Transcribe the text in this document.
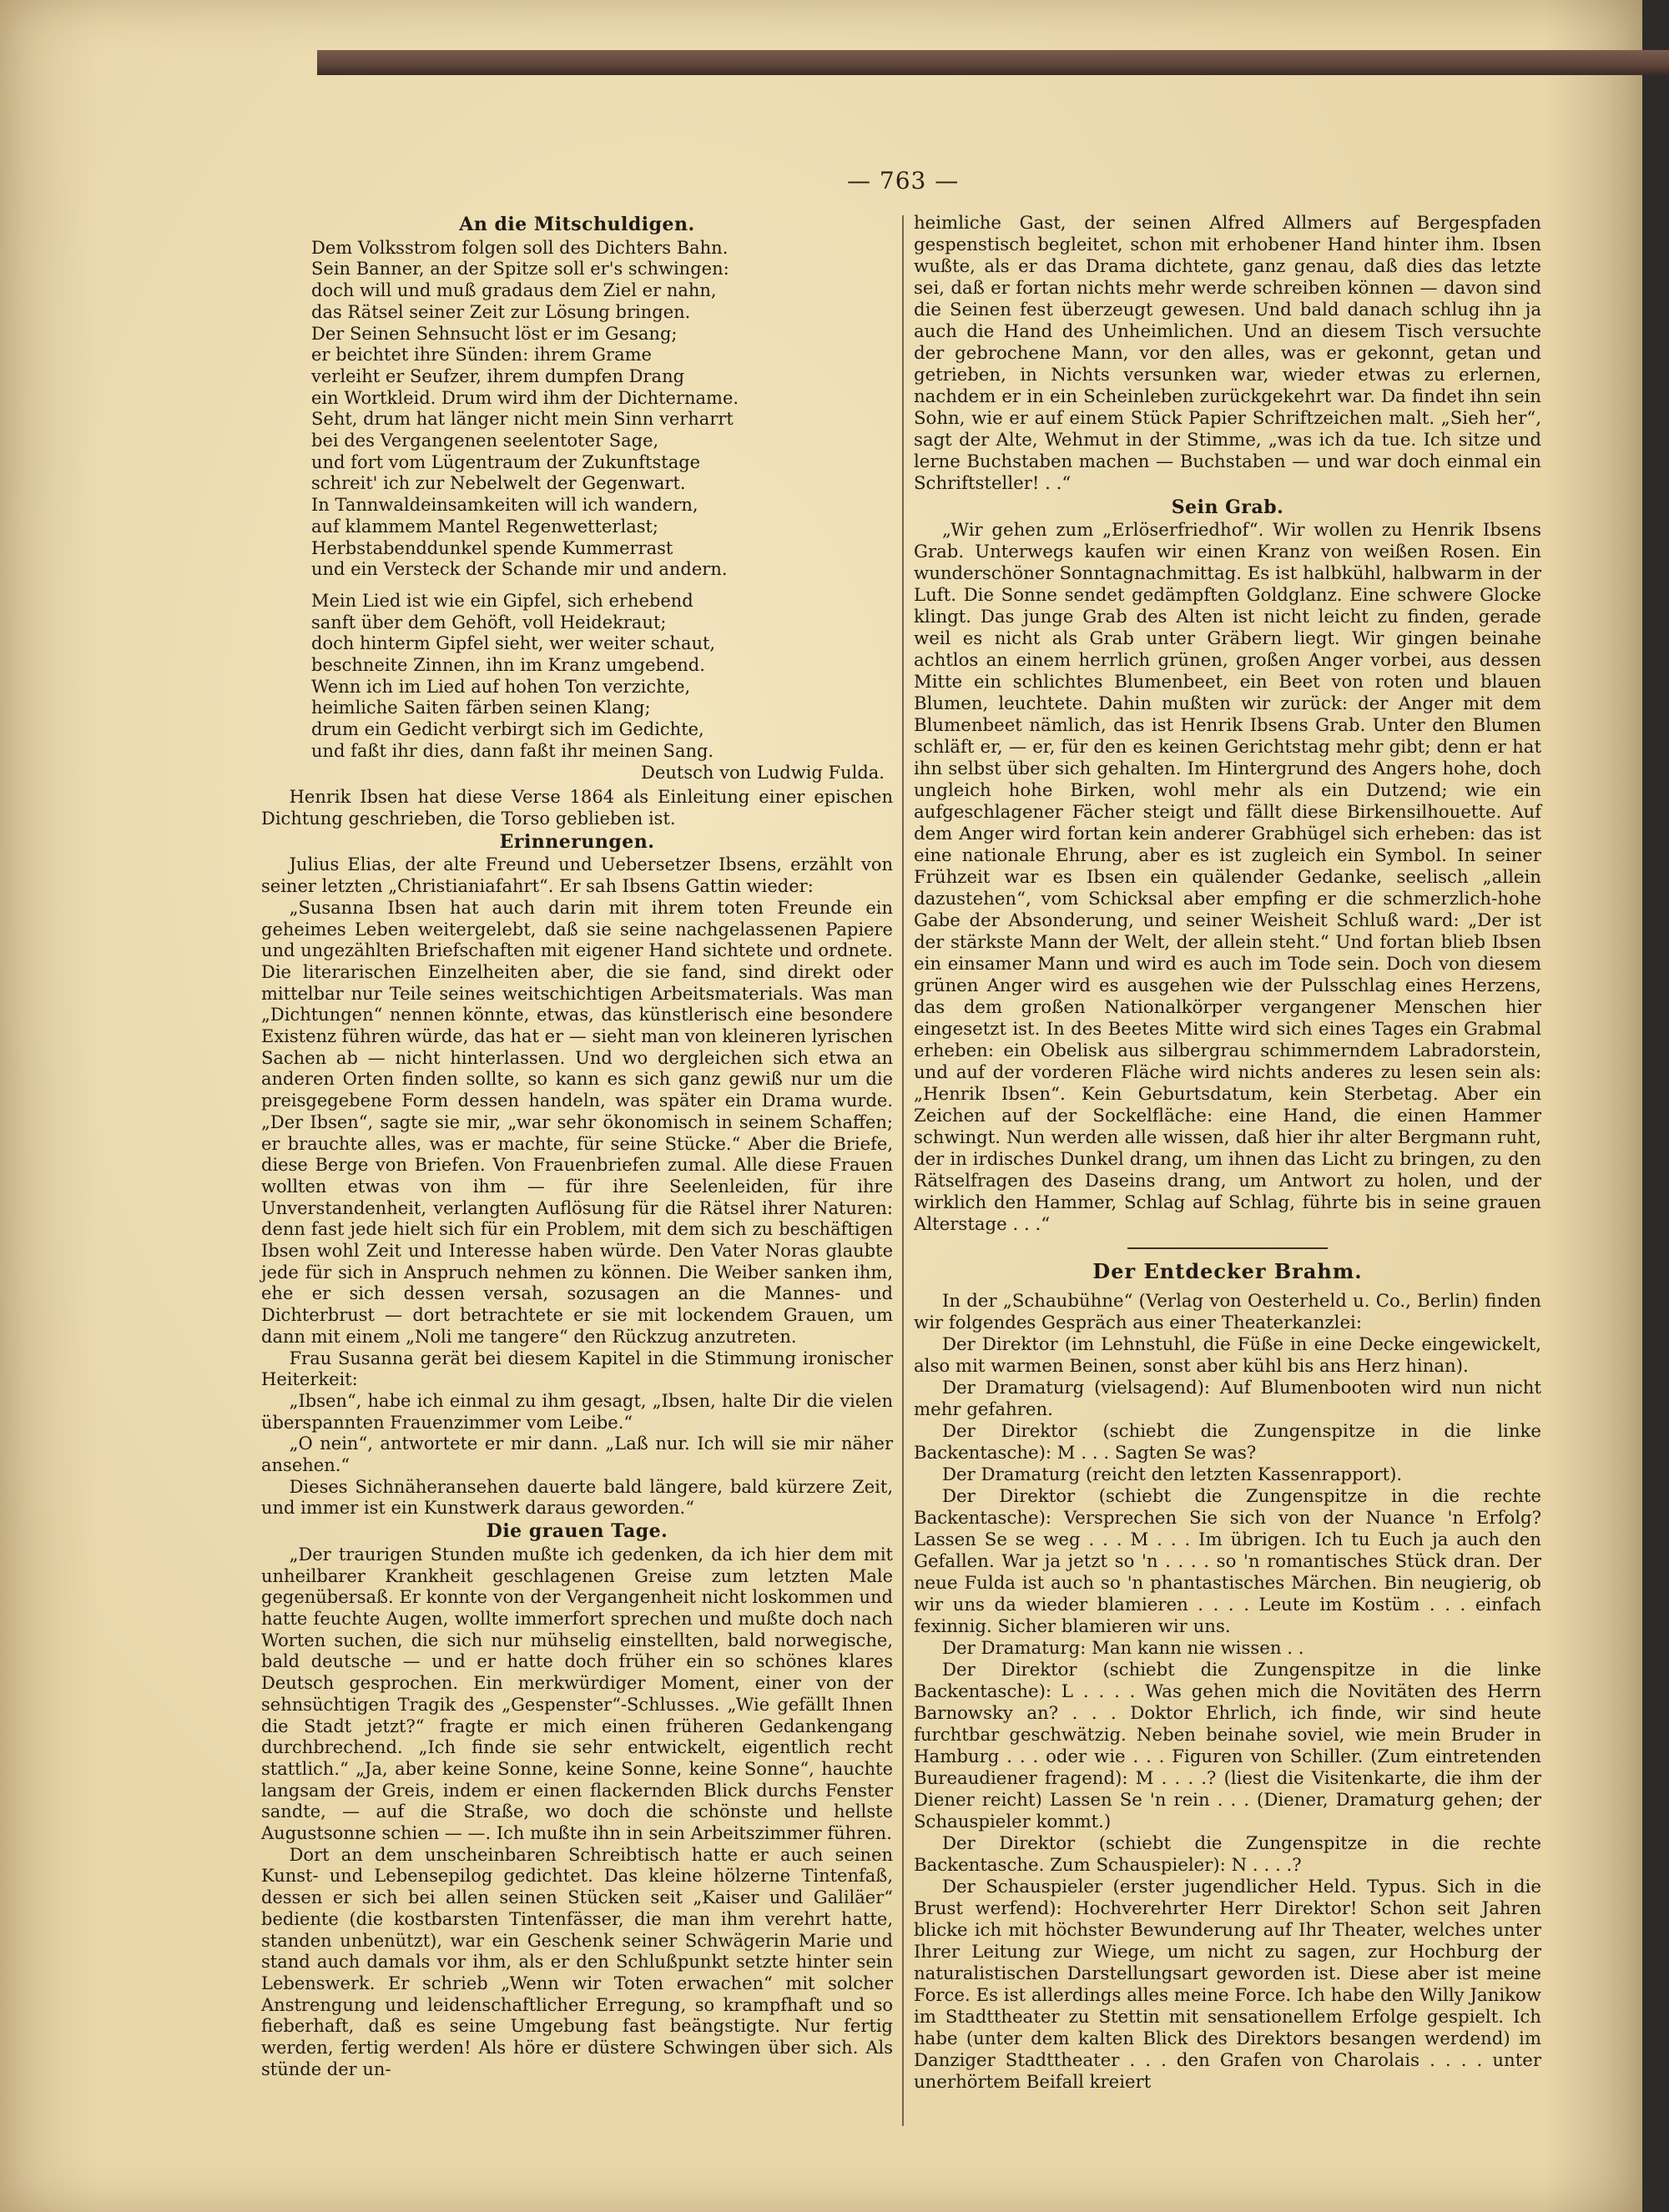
— 763 —
An die Mitschuldigen.
Dem Volksstrom folgen soll des Dichters Bahn.
Sein Banner, an der Spitze soll er's schwingen:
doch will und muß gradaus dem Ziel er nahn,
das Rätsel seiner Zeit zur Lösung bringen.
Der Seinen Sehnsucht löst er im Gesang;
er beichtet ihre Sünden: ihrem Grame
verleiht er Seufzer, ihrem dumpfen Drang
ein Wortkleid. Drum wird ihm der Dichtername.
Seht, drum hat länger nicht mein Sinn verharrt
bei des Vergangenen seelentoter Sage,
und fort vom Lügentraum der Zukunftstage
schreit' ich zur Nebelwelt der Gegenwart.
In Tannwaldeinsamkeiten will ich wandern,
auf klammem Mantel Regenwetterlast;
Herbstabenddunkel spende Kummerrast
und ein Versteck der Schande mir und andern.
Mein Lied ist wie ein Gipfel, sich erhebend
sanft über dem Gehöft, voll Heidekraut;
doch hinterm Gipfel sieht, wer weiter schaut,
beschneite Zinnen, ihn im Kranz umgebend.
Wenn ich im Lied auf hohen Ton verzichte,
heimliche Saiten färben seinen Klang;
drum ein Gedicht verbirgt sich im Gedichte,
und faßt ihr dies, dann faßt ihr meinen Sang.
Deutsch von Ludwig Fulda.

Henrik Ibsen hat diese Verse 1864 als Einleitung einer epischen Dichtung geschrieben, die Torso geblieben ist.

Erinnerungen.

Julius Elias, der alte Freund und Uebersetzer Ibsens, erzählt von seiner letzten „Christianiafahrt“. Er sah Ibsens Gattin wieder:

„Susanna Ibsen hat auch darin mit ihrem toten Freunde ein geheimes Leben weitergelebt, daß sie seine nachgelassenen Papiere und ungezählten Briefschaften mit eigener Hand sichtete und ordnete. Die literarischen Einzelheiten aber, die sie fand, sind direkt oder mittelbar nur Teile seines weitschichtigen Arbeitsmaterials. Was man „Dichtungen“ nennen könnte, etwas, das künstlerisch eine besondere Existenz führen würde, das hat er — sieht man von kleineren lyrischen Sachen ab — nicht hinterlassen. Und wo dergleichen sich etwa an anderen Orten finden sollte, so kann es sich ganz gewiß nur um die preisgegebene Form dessen handeln, was später ein Drama wurde. „Der Ibsen“, sagte sie mir, „war sehr ökonomisch in seinem Schaffen; er brauchte alles, was er machte, für seine Stücke.“ Aber die Briefe, diese Berge von Briefen. Von Frauenbriefen zumal. Alle diese Frauen wollten etwas von ihm — für ihre Seelenleiden, für ihre Unverstandenheit, verlangten Auflösung für die Rätsel ihrer Naturen: denn fast jede hielt sich für ein Problem, mit dem sich zu beschäftigen Ibsen wohl Zeit und Interesse haben würde. Den Vater Noras glaubte jede für sich in Anspruch nehmen zu können. Die Weiber sanken ihm, ehe er sich dessen versah, sozusagen an die Mannes- und Dichterbrust — dort betrachtete er sie mit lockendem Grauen, um dann mit einem „Noli me tangere“ den Rückzug anzutreten.

Frau Susanna gerät bei diesem Kapitel in die Stimmung ironischer Heiterkeit:

„Ibsen“, habe ich einmal zu ihm gesagt, „Ibsen, halte Dir die vielen überspannten Frauenzimmer vom Leibe.“

„O nein“, antwortete er mir dann. „Laß nur. Ich will sie mir näher ansehen.“

Dieses Sichnäheransehen dauerte bald längere, bald kürzere Zeit, und immer ist ein Kunstwerk daraus geworden.“

Die grauen Tage.

„Der traurigen Stunden mußte ich gedenken, da ich hier dem mit unheilbarer Krankheit geschlagenen Greise zum letzten Male gegenübersaß. Er konnte von der Vergangenheit nicht loskommen und hatte feuchte Augen, wollte immerfort sprechen und mußte doch nach Worten suchen, die sich nur mühselig einstellten, bald norwegische, bald deutsche — und er hatte doch früher ein so schönes klares Deutsch gesprochen. Ein merkwürdiger Moment, einer von der sehnsüchtigen Tragik des „Gespenster“-Schlusses. „Wie gefällt Ihnen die Stadt jetzt?“ fragte er mich einen früheren Gedankengang durchbrechend. „Ich finde sie sehr entwickelt, eigentlich recht stattlich.“ „Ja, aber keine Sonne, keine Sonne, keine Sonne“, hauchte langsam der Greis, indem er einen flackernden Blick durchs Fenster sandte, — auf die Straße, wo doch die schönste und hellste Augustsonne schien — —. Ich mußte ihn in sein Arbeitszimmer führen.

Dort an dem unscheinbaren Schreibtisch hatte er auch seinen Kunst- und Lebensepilog gedichtet. Das kleine hölzerne Tintenfaß, dessen er sich bei allen seinen Stücken seit „Kaiser und Galiläer“ bediente (die kostbarsten Tintenfässer, die man ihm verehrt hatte, standen unbenützt), war ein Geschenk seiner Schwägerin Marie und stand auch damals vor ihm, als er den Schlußpunkt setzte hinter sein Lebenswerk. Er schrieb „Wenn wir Toten erwachen“ mit solcher Anstrengung und leidenschaftlicher Erregung, so krampfhaft und so fieberhaft, daß es seine Umgebung fast beängstigte. Nur fertig werden, fertig werden! Als höre er düstere Schwingen über sich. Als stünde der un-

heimliche Gast, der seinen Alfred Allmers auf Bergespfaden gespenstisch begleitet, schon mit erhobener Hand hinter ihm. Ibsen wußte, als er das Drama dichtete, ganz genau, daß dies das letzte sei, daß er fortan nichts mehr werde schreiben können — davon sind die Seinen fest überzeugt gewesen. Und bald danach schlug ihn ja auch die Hand des Unheimlichen. Und an diesem Tisch versuchte der gebrochene Mann, vor den alles, was er gekonnt, getan und getrieben, in Nichts versunken war, wieder etwas zu erlernen, nachdem er in ein Scheinleben zurückgekehrt war. Da findet ihn sein Sohn, wie er auf einem Stück Papier Schriftzeichen malt. „Sieh her“, sagt der Alte, Wehmut in der Stimme, „was ich da tue. Ich sitze und lerne Buchstaben machen — Buchstaben — und war doch einmal ein Schriftsteller! . .“

Sein Grab.

„Wir gehen zum „Erlöserfriedhof“. Wir wollen zu Henrik Ibsens Grab. Unterwegs kaufen wir einen Kranz von weißen Rosen. Ein wunderschöner Sonntagnachmittag. Es ist halbkühl, halbwarm in der Luft. Die Sonne sendet gedämpften Goldglanz. Eine schwere Glocke klingt. Das junge Grab des Alten ist nicht leicht zu finden, gerade weil es nicht als Grab unter Gräbern liegt. Wir gingen beinahe achtlos an einem herrlich grünen, großen Anger vorbei, aus dessen Mitte ein schlichtes Blumenbeet, ein Beet von roten und blauen Blumen, leuchtete. Dahin mußten wir zurück: der Anger mit dem Blumenbeet nämlich, das ist Henrik Ibsens Grab. Unter den Blumen schläft er, — er, für den es keinen Gerichtstag mehr gibt; denn er hat ihn selbst über sich gehalten. Im Hintergrund des Angers hohe, doch ungleich hohe Birken, wohl mehr als ein Dutzend; wie ein aufgeschlagener Fächer steigt und fällt diese Birkensilhouette. Auf dem Anger wird fortan kein anderer Grabhügel sich erheben: das ist eine nationale Ehrung, aber es ist zugleich ein Symbol. In seiner Frühzeit war es Ibsen ein quälender Gedanke, seelisch „allein dazustehen“, vom Schicksal aber empfing er die schmerzlich-hohe Gabe der Absonderung, und seiner Weisheit Schluß ward: „Der ist der stärkste Mann der Welt, der allein steht.“ Und fortan blieb Ibsen ein einsamer Mann und wird es auch im Tode sein. Doch von diesem grünen Anger wird es ausgehen wie der Pulsschlag eines Herzens, das dem großen Nationalkörper vergangener Menschen hier eingesetzt ist. In des Beetes Mitte wird sich eines Tages ein Grabmal erheben: ein Obelisk aus silbergrau schimmerndem Labradorstein, und auf der vorderen Fläche wird nichts anderes zu lesen sein als: „Henrik Ibsen“. Kein Geburtsdatum, kein Sterbetag. Aber ein Zeichen auf der Sockelfläche: eine Hand, die einen Hammer schwingt. Nun werden alle wissen, daß hier ihr alter Bergmann ruht, der in irdisches Dunkel drang, um ihnen das Licht zu bringen, zu den Rätselfragen des Daseins drang, um Antwort zu holen, und der wirklich den Hammer, Schlag auf Schlag, führte bis in seine grauen Alterstage . . .“

Der Entdecker Brahm.

In der „Schaubühne“ (Verlag von Oesterheld u. Co., Berlin) finden wir folgendes Gespräch aus einer Theaterkanzlei:

Der Direktor (im Lehnstuhl, die Füße in eine Decke eingewickelt, also mit warmen Beinen, sonst aber kühl bis ans Herz hinan).

Der Dramaturg (vielsagend): Auf Blumenbooten wird nun nicht mehr gefahren.

Der Direktor (schiebt die Zungenspitze in die linke Backentasche): M . . . Sagten Se was?

Der Dramaturg (reicht den letzten Kassenrapport).

Der Direktor (schiebt die Zungenspitze in die rechte Backentasche): Versprechen Sie sich von der Nuance 'n Erfolg? Lassen Se se weg . . . M . . . Im übrigen. Ich tu Euch ja auch den Gefallen. War ja jetzt so 'n . . . . so 'n romantisches Stück dran. Der neue Fulda ist auch so 'n phantastisches Märchen. Bin neugierig, ob wir uns da wieder blamieren . . . . Leute im Kostüm . . . einfach fexinnig. Sicher blamieren wir uns.

Der Dramaturg: Man kann nie wissen . .

Der Direktor (schiebt die Zungenspitze in die linke Backentasche): L . . . . Was gehen mich die Novitäten des Herrn Barnowsky an? . . . Doktor Ehrlich, ich finde, wir sind heute furchtbar geschwätzig. Neben beinahe soviel, wie mein Bruder in Hamburg . . . oder wie . . . Figuren von Schiller. (Zum eintretenden Bureaudiener fragend): M . . . .? (liest die Visitenkarte, die ihm der Diener reicht) Lassen Se 'n rein . . . (Diener, Dramaturg gehen; der Schauspieler kommt.)

Der Direktor (schiebt die Zungenspitze in die rechte Backentasche. Zum Schauspieler): N . . . .?

Der Schauspieler (erster jugendlicher Held. Typus. Sich in die Brust werfend): Hochverehrter Herr Direktor! Schon seit Jahren blicke ich mit höchster Bewunderung auf Ihr Theater, welches unter Ihrer Leitung zur Wiege, um nicht zu sagen, zur Hochburg der naturalistischen Darstellungsart geworden ist. Diese aber ist meine Force. Es ist allerdings alles meine Force. Ich habe den Willy Janikow im Stadttheater zu Stettin mit sensationellem Erfolge gespielt. Ich habe (unter dem kalten Blick des Direktors besangen werdend) im Danziger Stadttheater . . . den Grafen von Charolais . . . . unter unerhörtem Beifall kreiert
